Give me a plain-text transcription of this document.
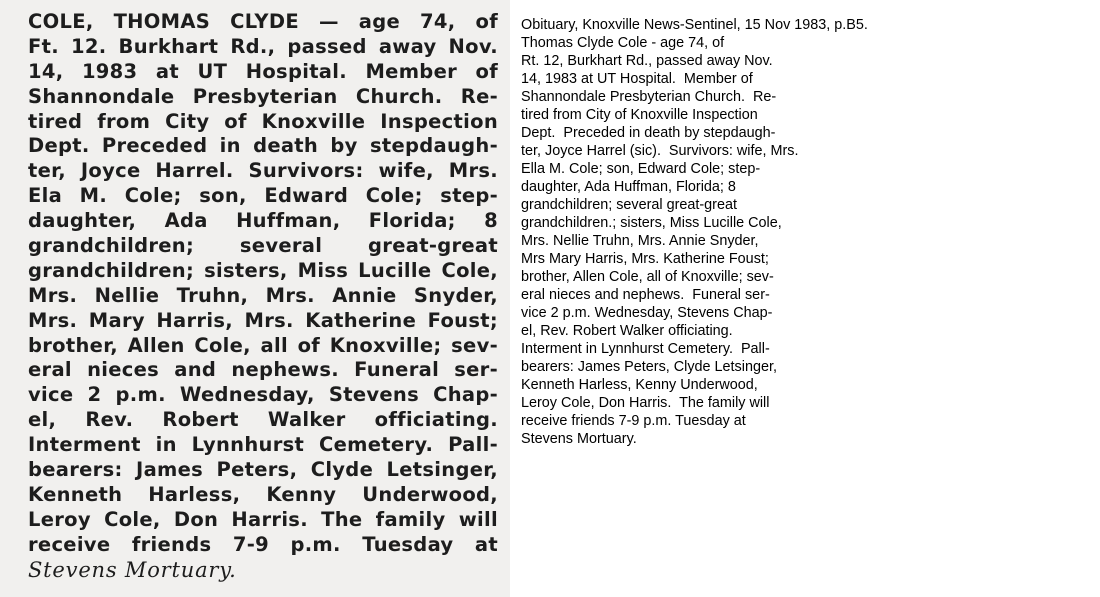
COLE, THOMAS CLYDE — age 74, of
Ft. 12. Burkhart Rd., passed away Nov.
14, 1983 at UT Hospital. Member of
Shannondale Presbyterian Church. Re-
tired from City of Knoxville Inspection
Dept. Preceded in death by stepdaugh-
ter, Joyce Harrel. Survivors: wife, Mrs.
Ela M. Cole; son, Edward Cole; step-
daughter, Ada Huffman, Florida; 8
grandchildren; several great-great
grandchildren; sisters, Miss Lucille Cole,
Mrs. Nellie Truhn, Mrs. Annie Snyder,
Mrs. Mary Harris, Mrs. Katherine Foust;
brother, Allen Cole, all of Knoxville; sev-
eral nieces and nephews. Funeral ser-
vice 2 p.m. Wednesday, Stevens Chap-
el, Rev. Robert Walker officiating.
Interment in Lynnhurst Cemetery. Pall-
bearers: James Peters, Clyde Letsinger,
Kenneth Harless, Kenny Underwood,
Leroy Cole, Don Harris. The family will
receive friends 7-9 p.m. Tuesday at
Stevens Mortuary.
Obituary, Knoxville News-Sentinel, 15 Nov 1983, p.B5.
Thomas Clyde Cole - age 74, of
Rt. 12, Burkhart Rd., passed away Nov.
14, 1983 at UT Hospital.  Member of
Shannondale Presbyterian Church.  Re-
tired from City of Knoxville Inspection
Dept.  Preceded in death by stepdaugh-
ter, Joyce Harrel (sic).  Survivors: wife, Mrs.
Ella M. Cole; son, Edward Cole; step-
daughter, Ada Huffman, Florida; 8
grandchildren; several great-great
grandchildren.; sisters, Miss Lucille Cole,
Mrs. Nellie Truhn, Mrs. Annie Snyder,
Mrs Mary Harris, Mrs. Katherine Foust;
brother, Allen Cole, all of Knoxville; sev-
eral nieces and nephews.  Funeral ser-
vice 2 p.m. Wednesday, Stevens Chap-
el, Rev. Robert Walker officiating.
Interment in Lynnhurst Cemetery.  Pall-
bearers: James Peters, Clyde Letsinger,
Kenneth Harless, Kenny Underwood,
Leroy Cole, Don Harris.  The family will
receive friends 7-9 p.m. Tuesday at
Stevens Mortuary.
